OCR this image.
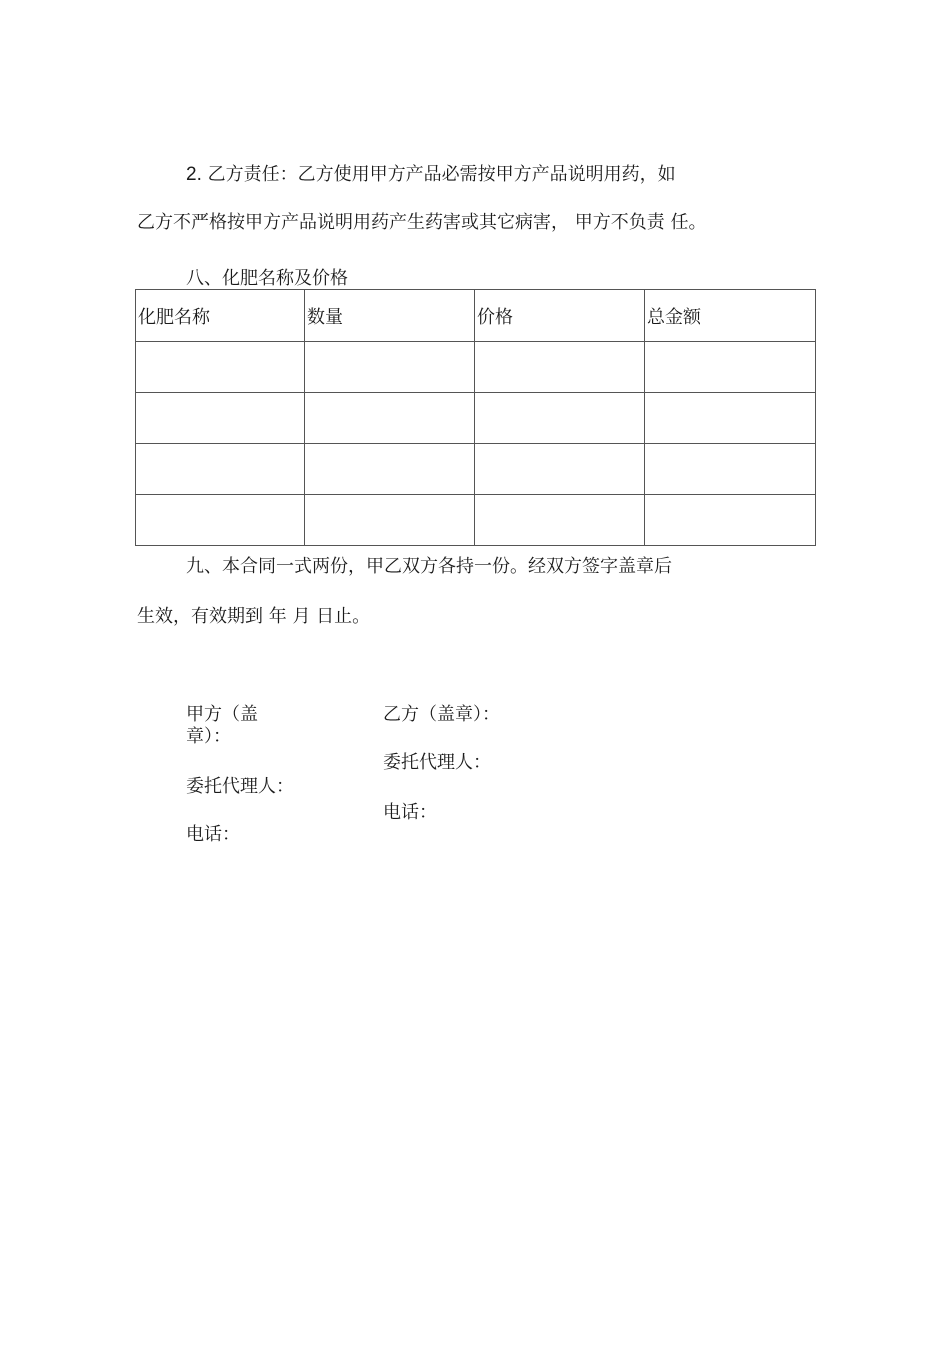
2. 乙方责任：乙方使用甲方产品必需按甲方产品说明用药，如
乙方不严格按甲方产品说明用药产生药害或其它病害， 甲方不负责 任。
八、化肥名称及价格
化肥名称	数量	价格	总金额

九、本合同一式两份，甲乙双方各持一份。经双方签字盖章后
生效，有效期到 年 月 日止。
甲方（盖章）：
乙方（盖章）：
委托代理人：
委托代理人：
电话：
电话：
